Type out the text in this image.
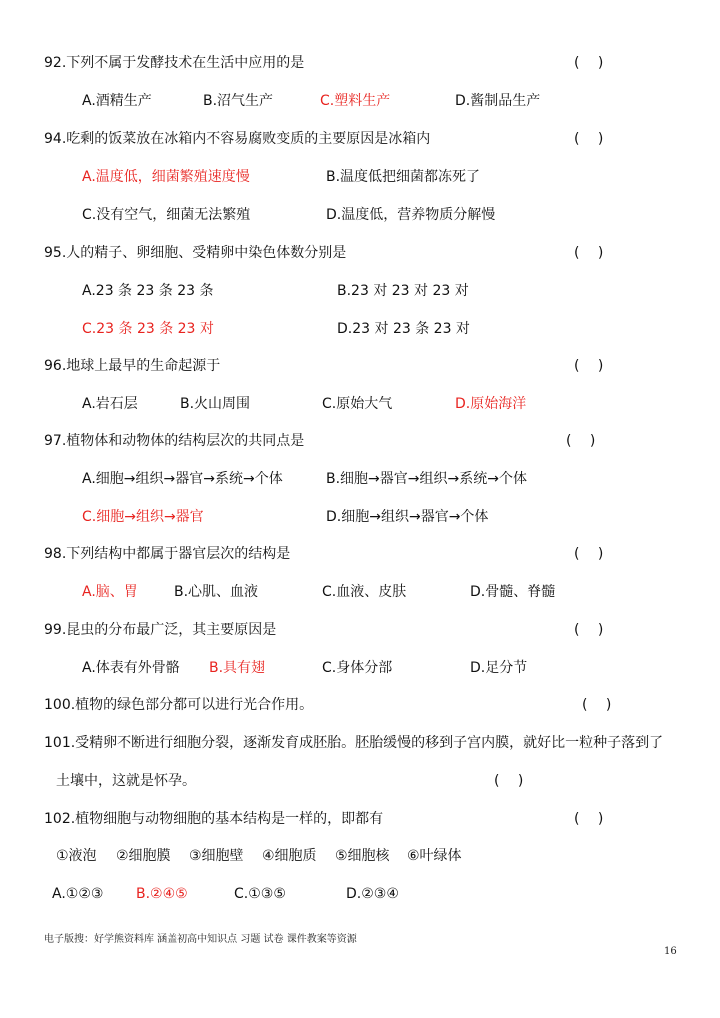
92.下列不属于发酵技术在生活中应用的是	(　 )
A.酒精生产	B.沼气生产	C.塑料生产	D.酱制品生产
94.吃剩的饭菜放在冰箱内不容易腐败变质的主要原因是冰箱内	(　 )
A.温度低，细菌繁殖速度慢	B.温度低把细菌都冻死了
C.没有空气，细菌无法繁殖	D.温度低，营养物质分解慢
95.人的精子、卵细胞、受精卵中染色体数分别是	(　 )
A.23 条 23 条 23 条	B.23 对 23 对 23 对
C.23 条 23 条 23 对	D.23 对 23 条 23 对
96.地球上最早的生命起源于	(　 )
A.岩石层	B.火山周围	C.原始大气	D.原始海洋
97.植物体和动物体的结构层次的共同点是	(　 )
A.细胞→组织→器官→系统→个体	B.细胞→器官→组织→系统→个体
C.细胞→组织→器官	D.细胞→组织→器官→个体
98.下列结构中都属于器官层次的结构是	(　 )
A.脑、胃	B.心肌、血液	C.血液、皮肤	D.骨髓、脊髓
99.昆虫的分布最广泛，其主要原因是	(　 )
A.体表有外骨骼 B.具有翅	C.身体分部	D.足分节
100.植物的绿色部分都可以进行光合作用。	(　 )
101.受精卵不断进行细胞分裂，逐渐发育成胚胎。胚胎缓慢的移到子宫内膜，就好比一粒种子落到了
土壤中，这就是怀孕。	(　 )
102.植物细胞与动物细胞的基本结构是一样的，即都有	(　 )
①液泡 ②细胞膜 ③细胞壁 ④细胞质 ⑤细胞核 ⑥叶绿体
A.①②③ B.②④⑤	C.①③⑤	D.②③④
电子版搜：好学熊资料库 涵盖初高中知识点 习题 试卷 课件教案等资源
16
